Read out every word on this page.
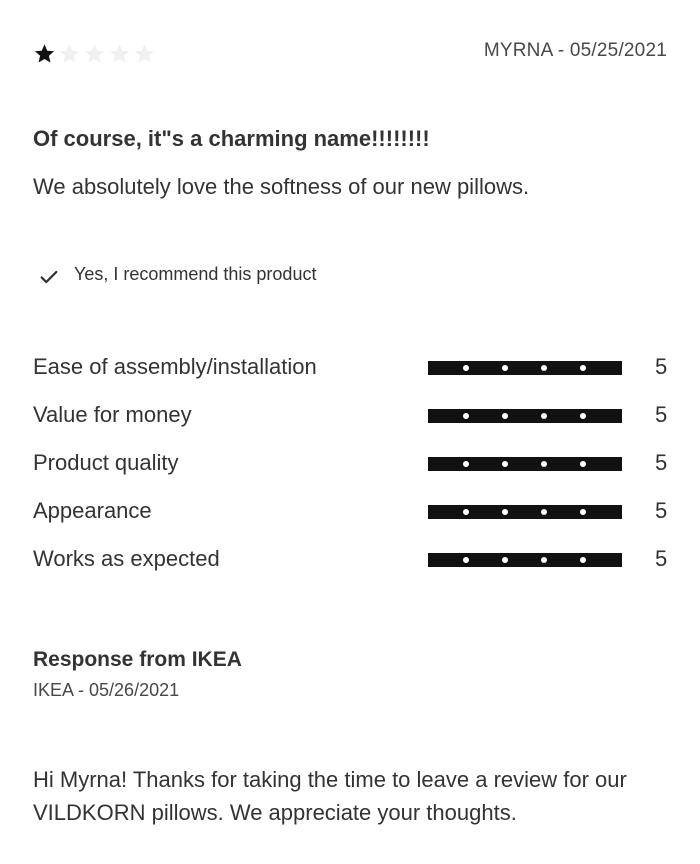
MYRNA - 05/25/2021
Of course, it"s a charming name!!!!!!!!

We absolutely love the softness of our new pillows.

Yes, I recommend this product
Ease of assembly/installation	5
Value for money	5
Product quality	5
Appearance	5
Works as expected	5
Response from IKEA
IKEA - 05/26/2021

Hi Myrna! Thanks for taking the time to leave a review for our VILDKORN pillows. We appreciate your thoughts.
